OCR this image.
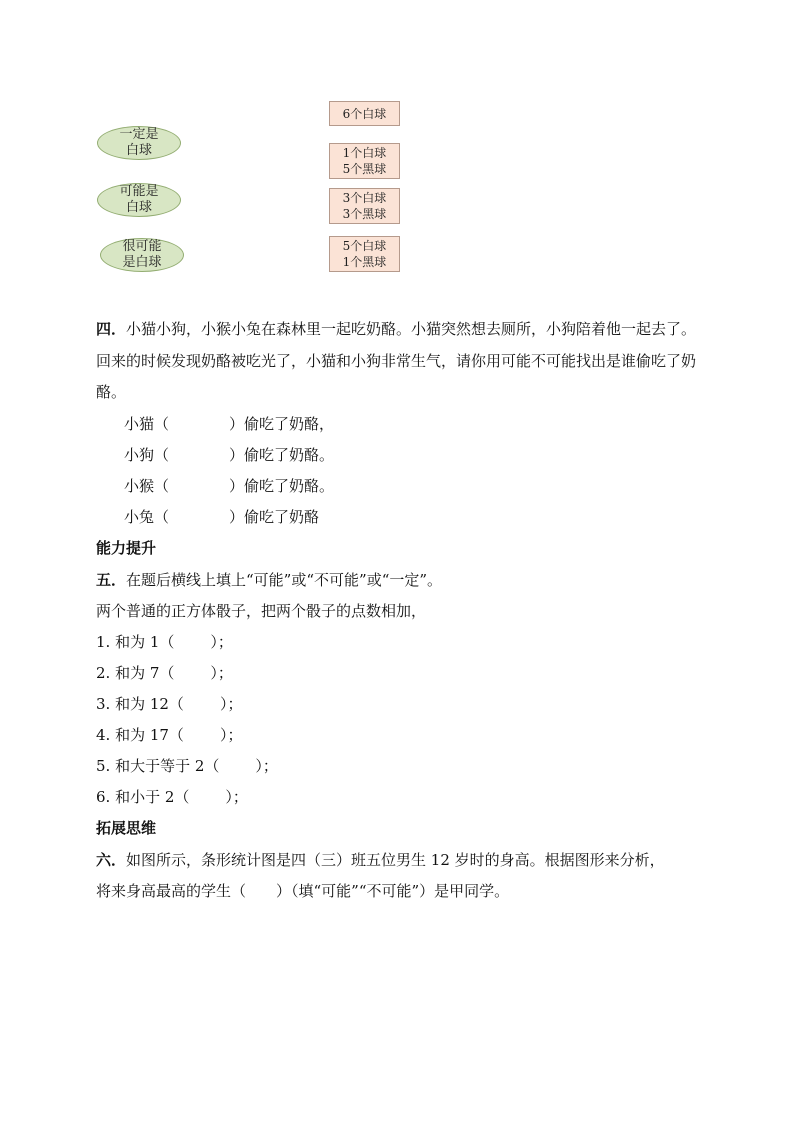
一定是
白球
可能是
白球
很可能
是白球
6个白球
1个白球
5个黑球
3个白球
3个黑球
5个白球
1个黑球
四．小猫小狗，小猴小兔在森林里一起吃奶酪。小猫突然想去厕所，小狗陪着他一起去了。回来的时候发现奶酪被吃光了，小猫和小狗非常生气，请你用可能不可能找出是谁偷吃了奶酪。
小猫（	）偷吃了奶酪，
小狗（	）偷吃了奶酪。
小猴（	）偷吃了奶酪。
小兔（	）偷吃了奶酪
能力提升
五．在题后横线上填上“可能”或“不可能”或“一定”。
两个普通的正方体骰子，把两个骰子的点数相加，
1. 和为 1（ ）；
2. 和为 7（ ）；
3. 和为 12（ ）；
4. 和为 17（ ）；
5. 和大于等于 2（ ）；
6. 和小于 2（ ）；
拓展思维
六．如图所示，条形统计图是四（三）班五位男生 12 岁时的身高。根据图形来分析，
将来身高最高的学生（　　）（填“可能”“不可能”）是甲同学。
